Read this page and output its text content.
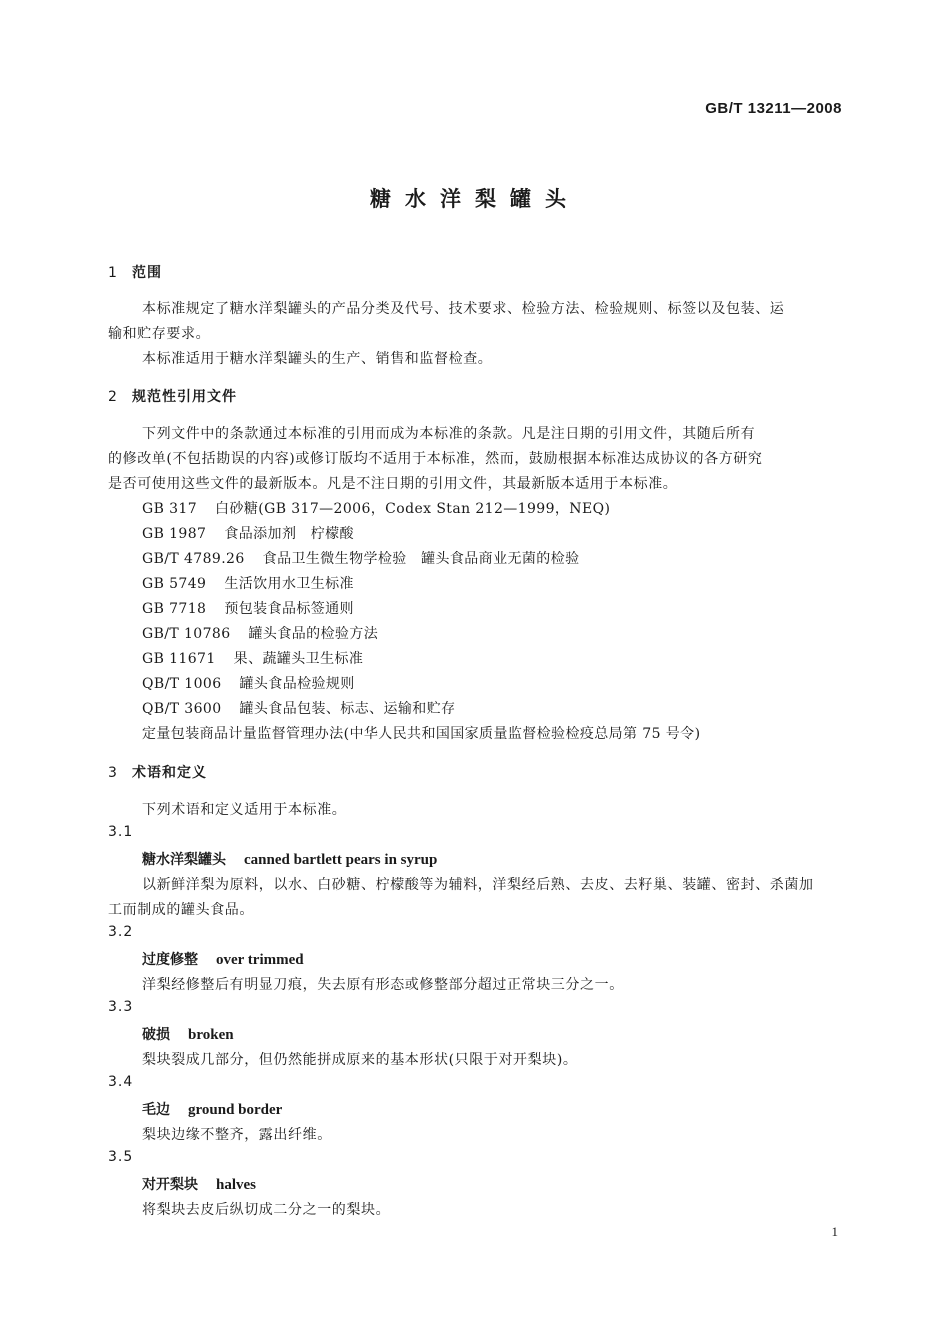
GB/T 13211—2008
糖水洋梨罐头
1 范围
本标准规定了糖水洋梨罐头的产品分类及代号、技术要求、检验方法、检验规则、标签以及包装、运
输和贮存要求。
本标准适用于糖水洋梨罐头的生产、销售和监督检查。
2 规范性引用文件
下列文件中的条款通过本标准的引用而成为本标准的条款。凡是注日期的引用文件，其随后所有
的修改单(不包括勘误的内容)或修订版均不适用于本标准，然而，鼓励根据本标准达成协议的各方研究
是否可使用这些文件的最新版本。凡是不注日期的引用文件，其最新版本适用于本标准。
GB 317 白砂糖(GB 317—2006，Codex Stan 212—1999，NEQ)
GB 1987 食品添加剂　柠檬酸
GB/T 4789.26 食品卫生微生物学检验　罐头食品商业无菌的检验
GB 5749 生活饮用水卫生标准
GB 7718 预包装食品标签通则
GB/T 10786 罐头食品的检验方法
GB 11671 果、蔬罐头卫生标准
QB/T 1006 罐头食品检验规则
QB/T 3600 罐头食品包装、标志、运输和贮存
定量包装商品计量监督管理办法(中华人民共和国国家质量监督检验检疫总局第 75 号令)
3 术语和定义
下列术语和定义适用于本标准。
3.1
糖水洋梨罐头 canned bartlett pears in syrup
以新鲜洋梨为原料，以水、白砂糖、柠檬酸等为辅料，洋梨经后熟、去皮、去籽巢、装罐、密封、杀菌加
工而制成的罐头食品。
3.2
过度修整 over trimmed
洋梨经修整后有明显刀痕，失去原有形态或修整部分超过正常块三分之一。
3.3
破损 broken
梨块裂成几部分，但仍然能拼成原来的基本形状(只限于对开梨块)。
3.4
毛边 ground border
梨块边缘不整齐，露出纤维。
3.5
对开梨块 halves
将梨块去皮后纵切成二分之一的梨块。
1
